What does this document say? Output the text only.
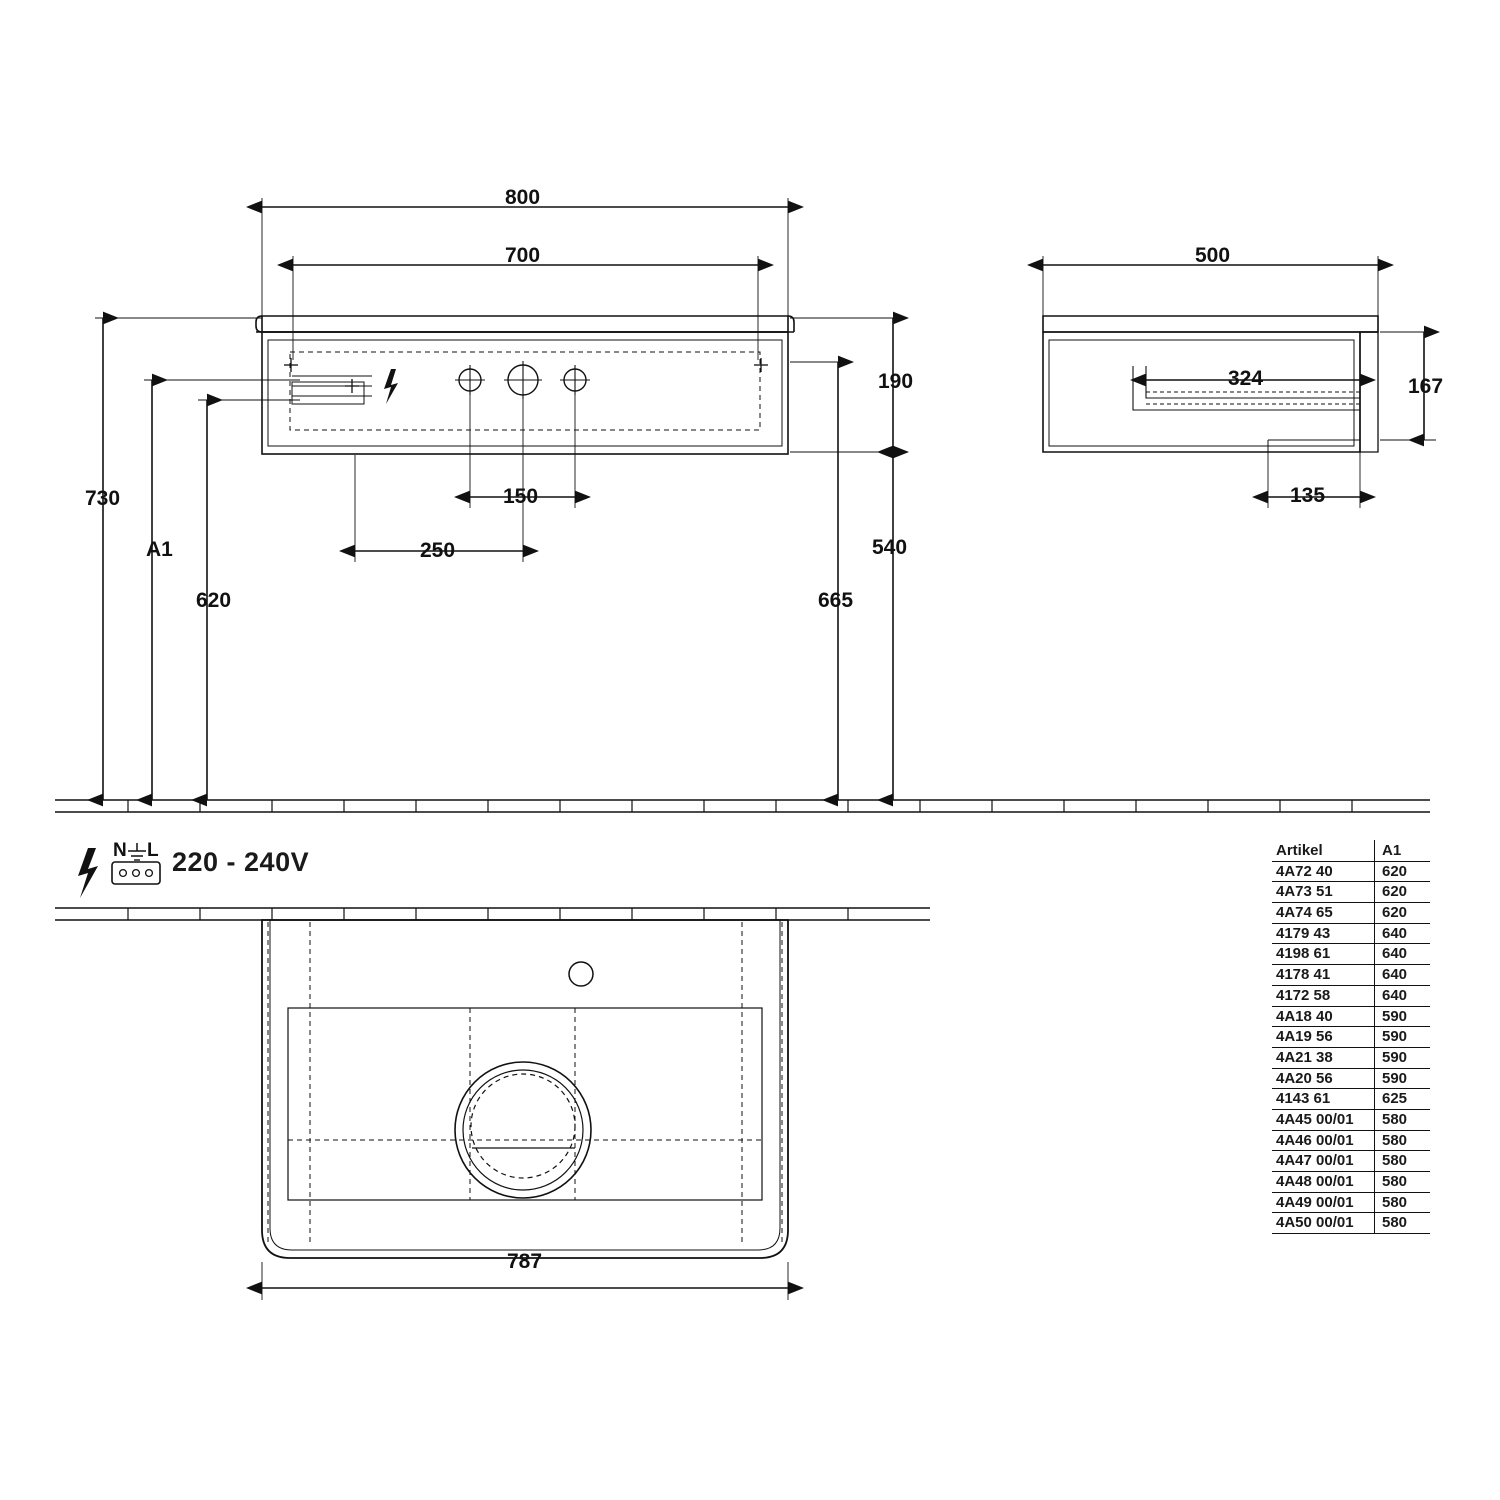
800
700
190
150
250
730
A1
620
540
665
500
324	167
135
787
N L 220 - 240V	Artikel	A1
4A72 40	620
4A73 51	620
4A74 65	620
4179 43	640
4198 61	640
4178 41	640
4172 58	640
4A18 40	590
4A19 56	590
4A21 38	590
4A20 56	590
4143 61	625
4A45 00/01	580
4A46 00/01	580
4A47 00/01	580
4A48 00/01	580
4A49 00/01	580
4A50 00/01	580
